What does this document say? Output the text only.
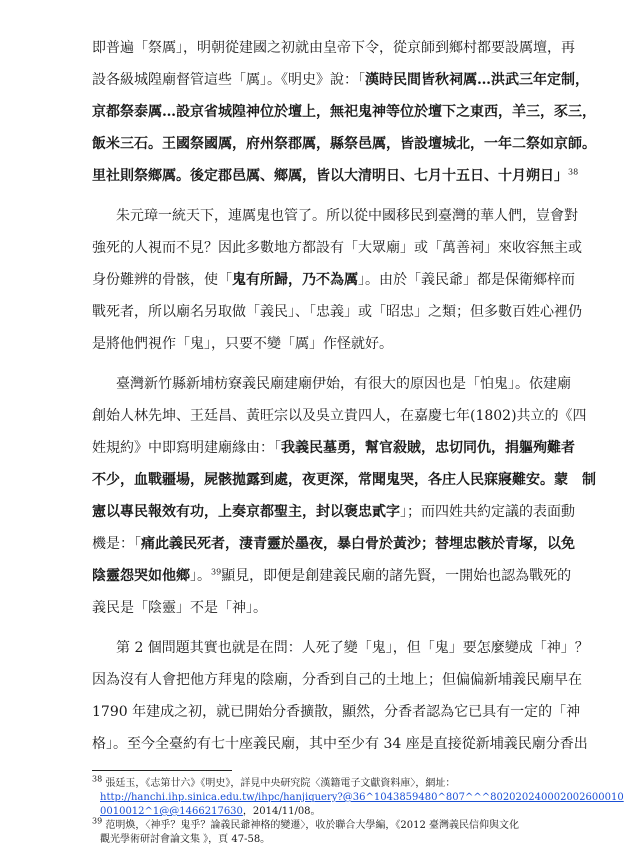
即普遍「祭厲」，明朝從建國之初就由皇帝下令，從京師到鄉村都要設厲壇，再
設各級城隍廟督管這些「厲」。《明史》說：「漢時民間皆秋祠厲…洪武三年定制，
京都祭泰厲…設京省城隍神位於壇上，無祀鬼神等位於壇下之東西，羊三，豕三，
飯米三石。王國祭國厲，府州祭郡厲，縣祭邑厲，皆設壇城北，一年二祭如京師。
里社則祭鄉厲。後定郡邑厲、鄉厲，皆以大清明日、七月十五日、十月朔日」$^{38}$
朱元璋一統天下，連厲鬼也管了。所以從中國移民到臺灣的華人們，豈會對
強死的人視而不見？因此多數地方都設有「大眾廟」或「萬善祠」來收容無主或
身份難辨的骨骸，使「鬼有所歸，乃不為厲」。由於「義民爺」都是保衛鄉梓而
戰死者，所以廟名另取做「義民」、「忠義」或「昭忠」之類；但多數百姓心裡仍
是將他們視作「鬼」，只要不變「厲」作怪就好。
臺灣新竹縣新埔枋寮義民廟建廟伊始，有很大的原因也是「怕鬼」。依建廟
創始人林先坤、王廷昌、黃旺宗以及吳立貴四人，在嘉慶七年(1802)共立的《四
姓規約》中即寫明建廟緣由：「我義民墓勇，幫官殺賊，忠切同仇，捐軀殉難者
不少，血戰疆場，屍骸拋露到處，夜更深，常聞鬼哭，各庄人民寐寢難安。蒙　制
憲以專民報效有功，上奏京都聖主，封以褒忠貳字」；而四姓共約定議的表面動
機是：「痛此義民死者，淒青靈於墨夜，暴白骨於黃沙；替埋忠骸於青塚，以免
陰靈怨哭如他鄉」。$^{39}$顯見，即便是創建義民廟的諸先賢，一開始也認為戰死的
義民是「陰靈」不是「神」。
第 2 個問題其實也就是在問：人死了變「鬼」，但「鬼」要怎麼變成「神」？
因為沒有人會把他方拜鬼的陰廟，分香到自己的土地上；但偏偏新埔義民廟早在
1790 年建成之初，就已開始分香擴散，顯然，分香者認為它已具有一定的「神
格」。至今全臺約有七十座義民廟，其中至少有 34 座是直接從新埔義民廟分香出
$^{38}$ 張廷玉，《志第廿六》《明史》，詳見中央研究院〈漢籍電子文獻資料庫〉，網址：
http://hanchi.ihp.sinica.edu.tw/ihpc/hanjiquery?@36^1043859480^807^^^802020240002002600010
0010012^1@@1466217630，2014/11/08。
$^{39}$ 范明煥，〈神乎？鬼乎？論義民爺神格的變遷〉，收於聯合大學編，《2012 臺灣義民信仰與文化
觀光學術研討會論文集 》，頁 47-58。
